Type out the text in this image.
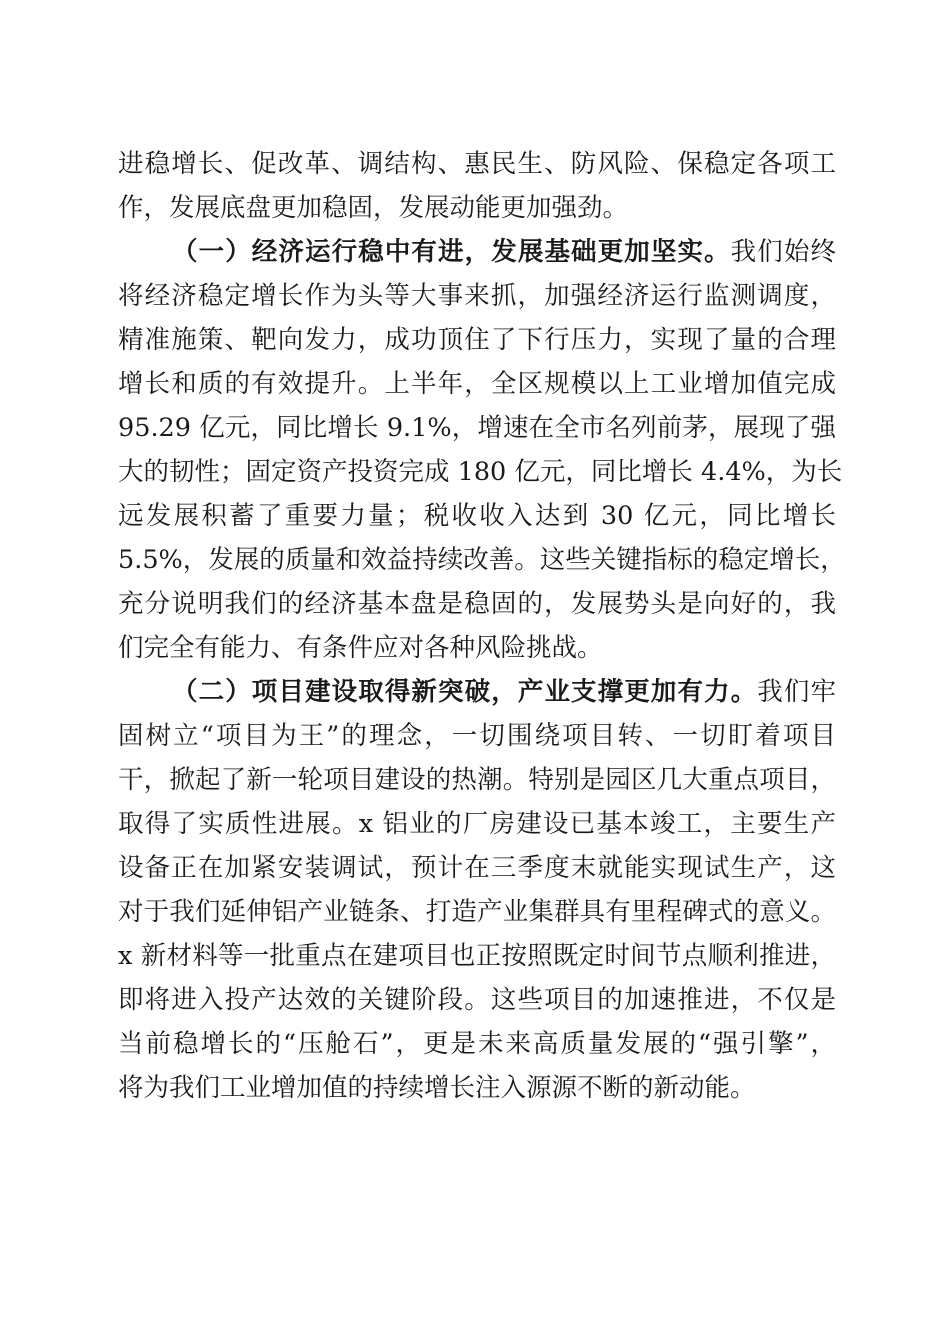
进稳增长、促改革、调结构、惠民生、防风险、保稳定各项工
作，发展底盘更加稳固，发展动能更加强劲。
（一）经济运行稳中有进，发展基础更加坚实。我们始终
将经济稳定增长作为头等大事来抓，加强经济运行监测调度，
精准施策、靶向发力，成功顶住了下行压力，实现了量的合理
增长和质的有效提升。上半年，全区规模以上工业增加值完成
95.29 亿元，同比增长 9.1%，增速在全市名列前茅，展现了强
大的韧性；固定资产投资完成 180 亿元，同比增长 4.4%，为长
远发展积蓄了重要力量；税收收入达到 30 亿元，同比增长
5.5%，发展的质量和效益持续改善。这些关键指标的稳定增长，
充分说明我们的经济基本盘是稳固的，发展势头是向好的，我
们完全有能力、有条件应对各种风险挑战。
（二）项目建设取得新突破，产业支撑更加有力。我们牢
固树立“项目为王”的理念，一切围绕项目转、一切盯着项目
干，掀起了新一轮项目建设的热潮。特别是园区几大重点项目，
取得了实质性进展。x 铝业的厂房建设已基本竣工，主要生产
设备正在加紧安装调试，预计在三季度末就能实现试生产，这
对于我们延伸铝产业链条、打造产业集群具有里程碑式的意义。
x 新材料等一批重点在建项目也正按照既定时间节点顺利推进，
即将进入投产达效的关键阶段。这些项目的加速推进，不仅是
当前稳增长的“压舱石”，更是未来高质量发展的“强引擎”，
将为我们工业增加值的持续增长注入源源不断的新动能。
